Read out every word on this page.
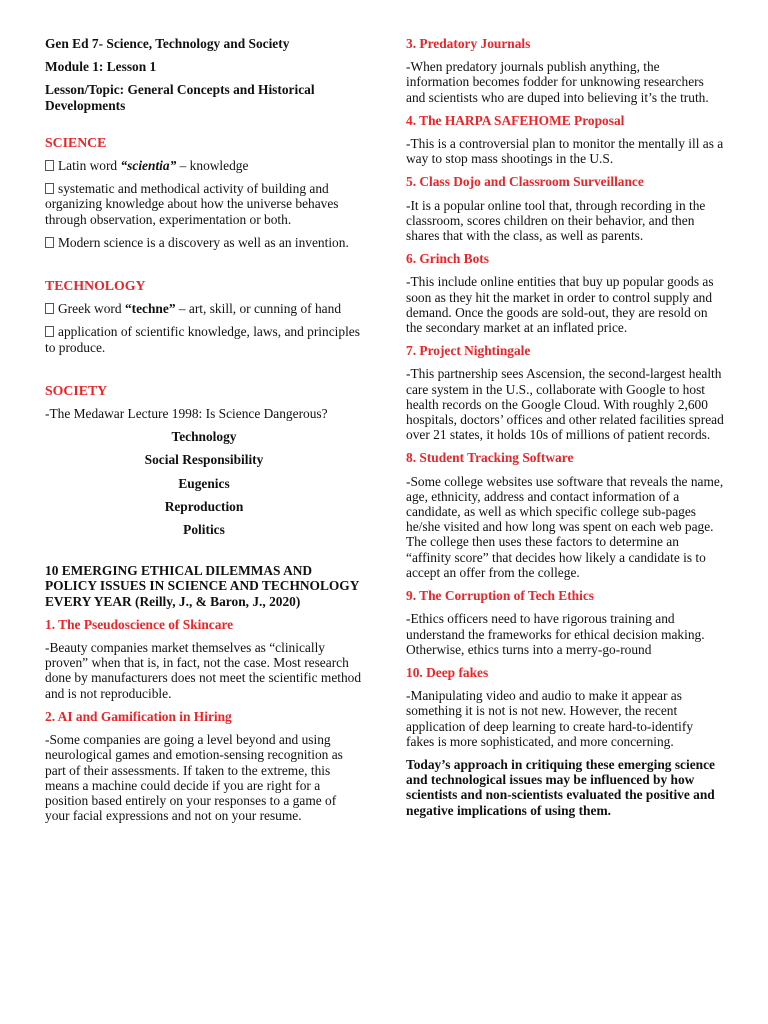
Gen Ed 7- Science, Technology and Society

Module 1: Lesson 1

Lesson/Topic: General Concepts and Historical Developments

SCIENCE

Latin word “scientia” – knowledge

systematic and methodical activity of building and organizing knowledge about how the universe behaves through observation, experimentation or both.

Modern science is a discovery as well as an invention.

TECHNOLOGY

Greek word “techne” – art, skill, or cunning of hand

application of scientific knowledge, laws, and principles to produce.

SOCIETY

-The Medawar Lecture 1998: Is Science Dangerous?

Technology

Social Responsibility

Eugenics

Reproduction

Politics

10 EMERGING ETHICAL DILEMMAS AND POLICY ISSUES IN SCIENCE AND TECHNOLOGY EVERY YEAR (Reilly, J., & Baron, J., 2020)

1. The Pseudoscience of Skincare

-Beauty companies market themselves as “clinically proven” when that is, in fact, not the case. Most research done by manufacturers does not meet the scientific method and is not reproducible.

2. AI and Gamification in Hiring

-Some companies are going a level beyond and using neurological games and emotion-sensing recognition as part of their assessments. If taken to the extreme, this means a machine could decide if you are right for a position based entirely on your responses to a game of your facial expressions and not on your resume.

3. Predatory Journals

-When predatory journals publish anything, the information becomes fodder for unknowing researchers and scientists who are duped into believing it’s the truth.

4. The HARPA SAFEHOME Proposal

-This is a controversial plan to monitor the mentally ill as a way to stop mass shootings in the U.S.

5. Class Dojo and Classroom Surveillance

-It is a popular online tool that, through recording in the classroom, scores children on their behavior, and then shares that with the class, as well as parents.

6. Grinch Bots

-This include online entities that buy up popular goods as soon as they hit the market in order to control supply and demand. Once the goods are sold-out, they are resold on the secondary market at an inflated price.

7. Project Nightingale

-This partnership sees Ascension, the second-largest health care system in the U.S., collaborate with Google to host health records on the Google Cloud. With roughly 2,600 hospitals, doctors’ offices and other related facilities spread over 21 states, it holds 10s of millions of patient records.

8. Student Tracking Software

-Some college websites use software that reveals the name, age, ethnicity, address and contact information of a candidate, as well as which specific college sub-pages he/she visited and how long was spent on each web page. The college then uses these factors to determine an “affinity score” that decides how likely a candidate is to accept an offer from the college.

9. The Corruption of Tech Ethics

-Ethics officers need to have rigorous training and understand the frameworks for ethical decision making. Otherwise, ethics turns into a merry-go-round

10. Deep fakes

-Manipulating video and audio to make it appear as something it is not is not new. However, the recent application of deep learning to create hard-to-identify fakes is more sophisticated, and more concerning.

Today’s approach in critiquing these emerging science and technological issues may be influenced by how scientists and non-scientists evaluated the positive and negative implications of using them.
